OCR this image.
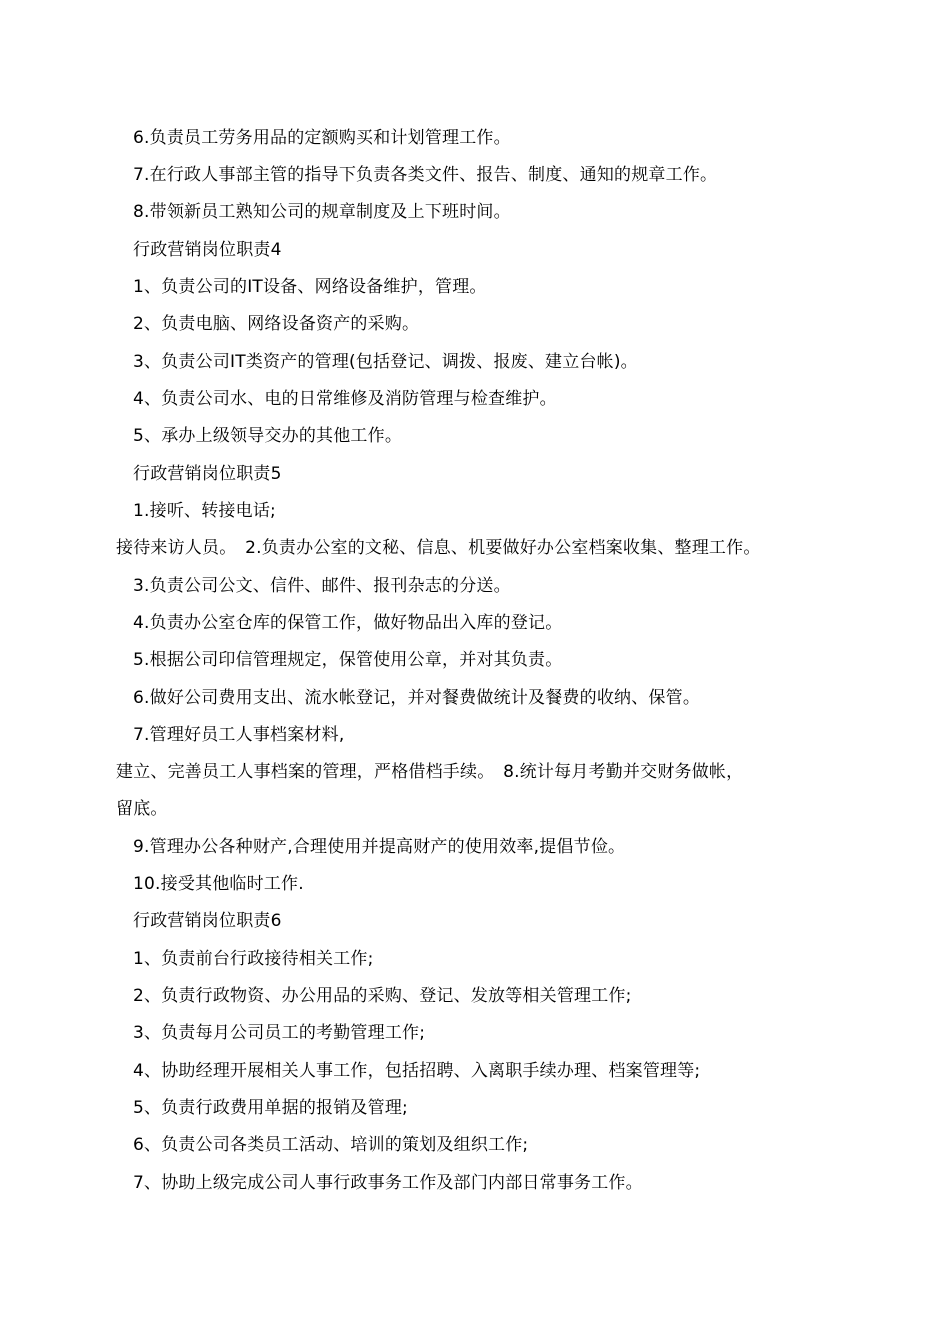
6.负责员工劳务用品的定额购买和计划管理工作。
7.在行政人事部主管的指导下负责各类文件、报告、制度、通知的规章工作。
8.带领新员工熟知公司的规章制度及上下班时间。
行政营销岗位职责4
1、负责公司的IT设备、网络设备维护，管理。
2、负责电脑、网络设备资产的采购。
3、负责公司IT类资产的管理(包括登记、调拨、报废、建立台帐)。
4、负责公司水、电的日常维修及消防管理与检查维护。
5、承办上级领导交办的其他工作。
行政营销岗位职责5
1.接听、转接电话;
接待来访人员。　2.负责办公室的文秘、信息、机要做好办公室档案收集、整理工作。
3.负责公司公文、信件、邮件、报刊杂志的分送。
4.负责办公室仓库的保管工作，做好物品出入库的登记。
5.根据公司印信管理规定，保管使用公章，并对其负责。
6.做好公司费用支出、流水帐登记，并对餐费做统计及餐费的收纳、保管。
7.管理好员工人事档案材料,
建立、完善员工人事档案的管理，严格借档手续。　8.统计每月考勤并交财务做帐，
留底。
9.管理办公各种财产,合理使用并提高财产的使用效率,提倡节俭。
10.接受其他临时工作.
行政营销岗位职责6
1、负责前台行政接待相关工作;
2、负责行政物资、办公用品的采购、登记、发放等相关管理工作;
3、负责每月公司员工的考勤管理工作;
4、协助经理开展相关人事工作，包括招聘、入离职手续办理、档案管理等;
5、负责行政费用单据的报销及管理;
6、负责公司各类员工活动、培训的策划及组织工作;
7、协助上级完成公司人事行政事务工作及部门内部日常事务工作。
